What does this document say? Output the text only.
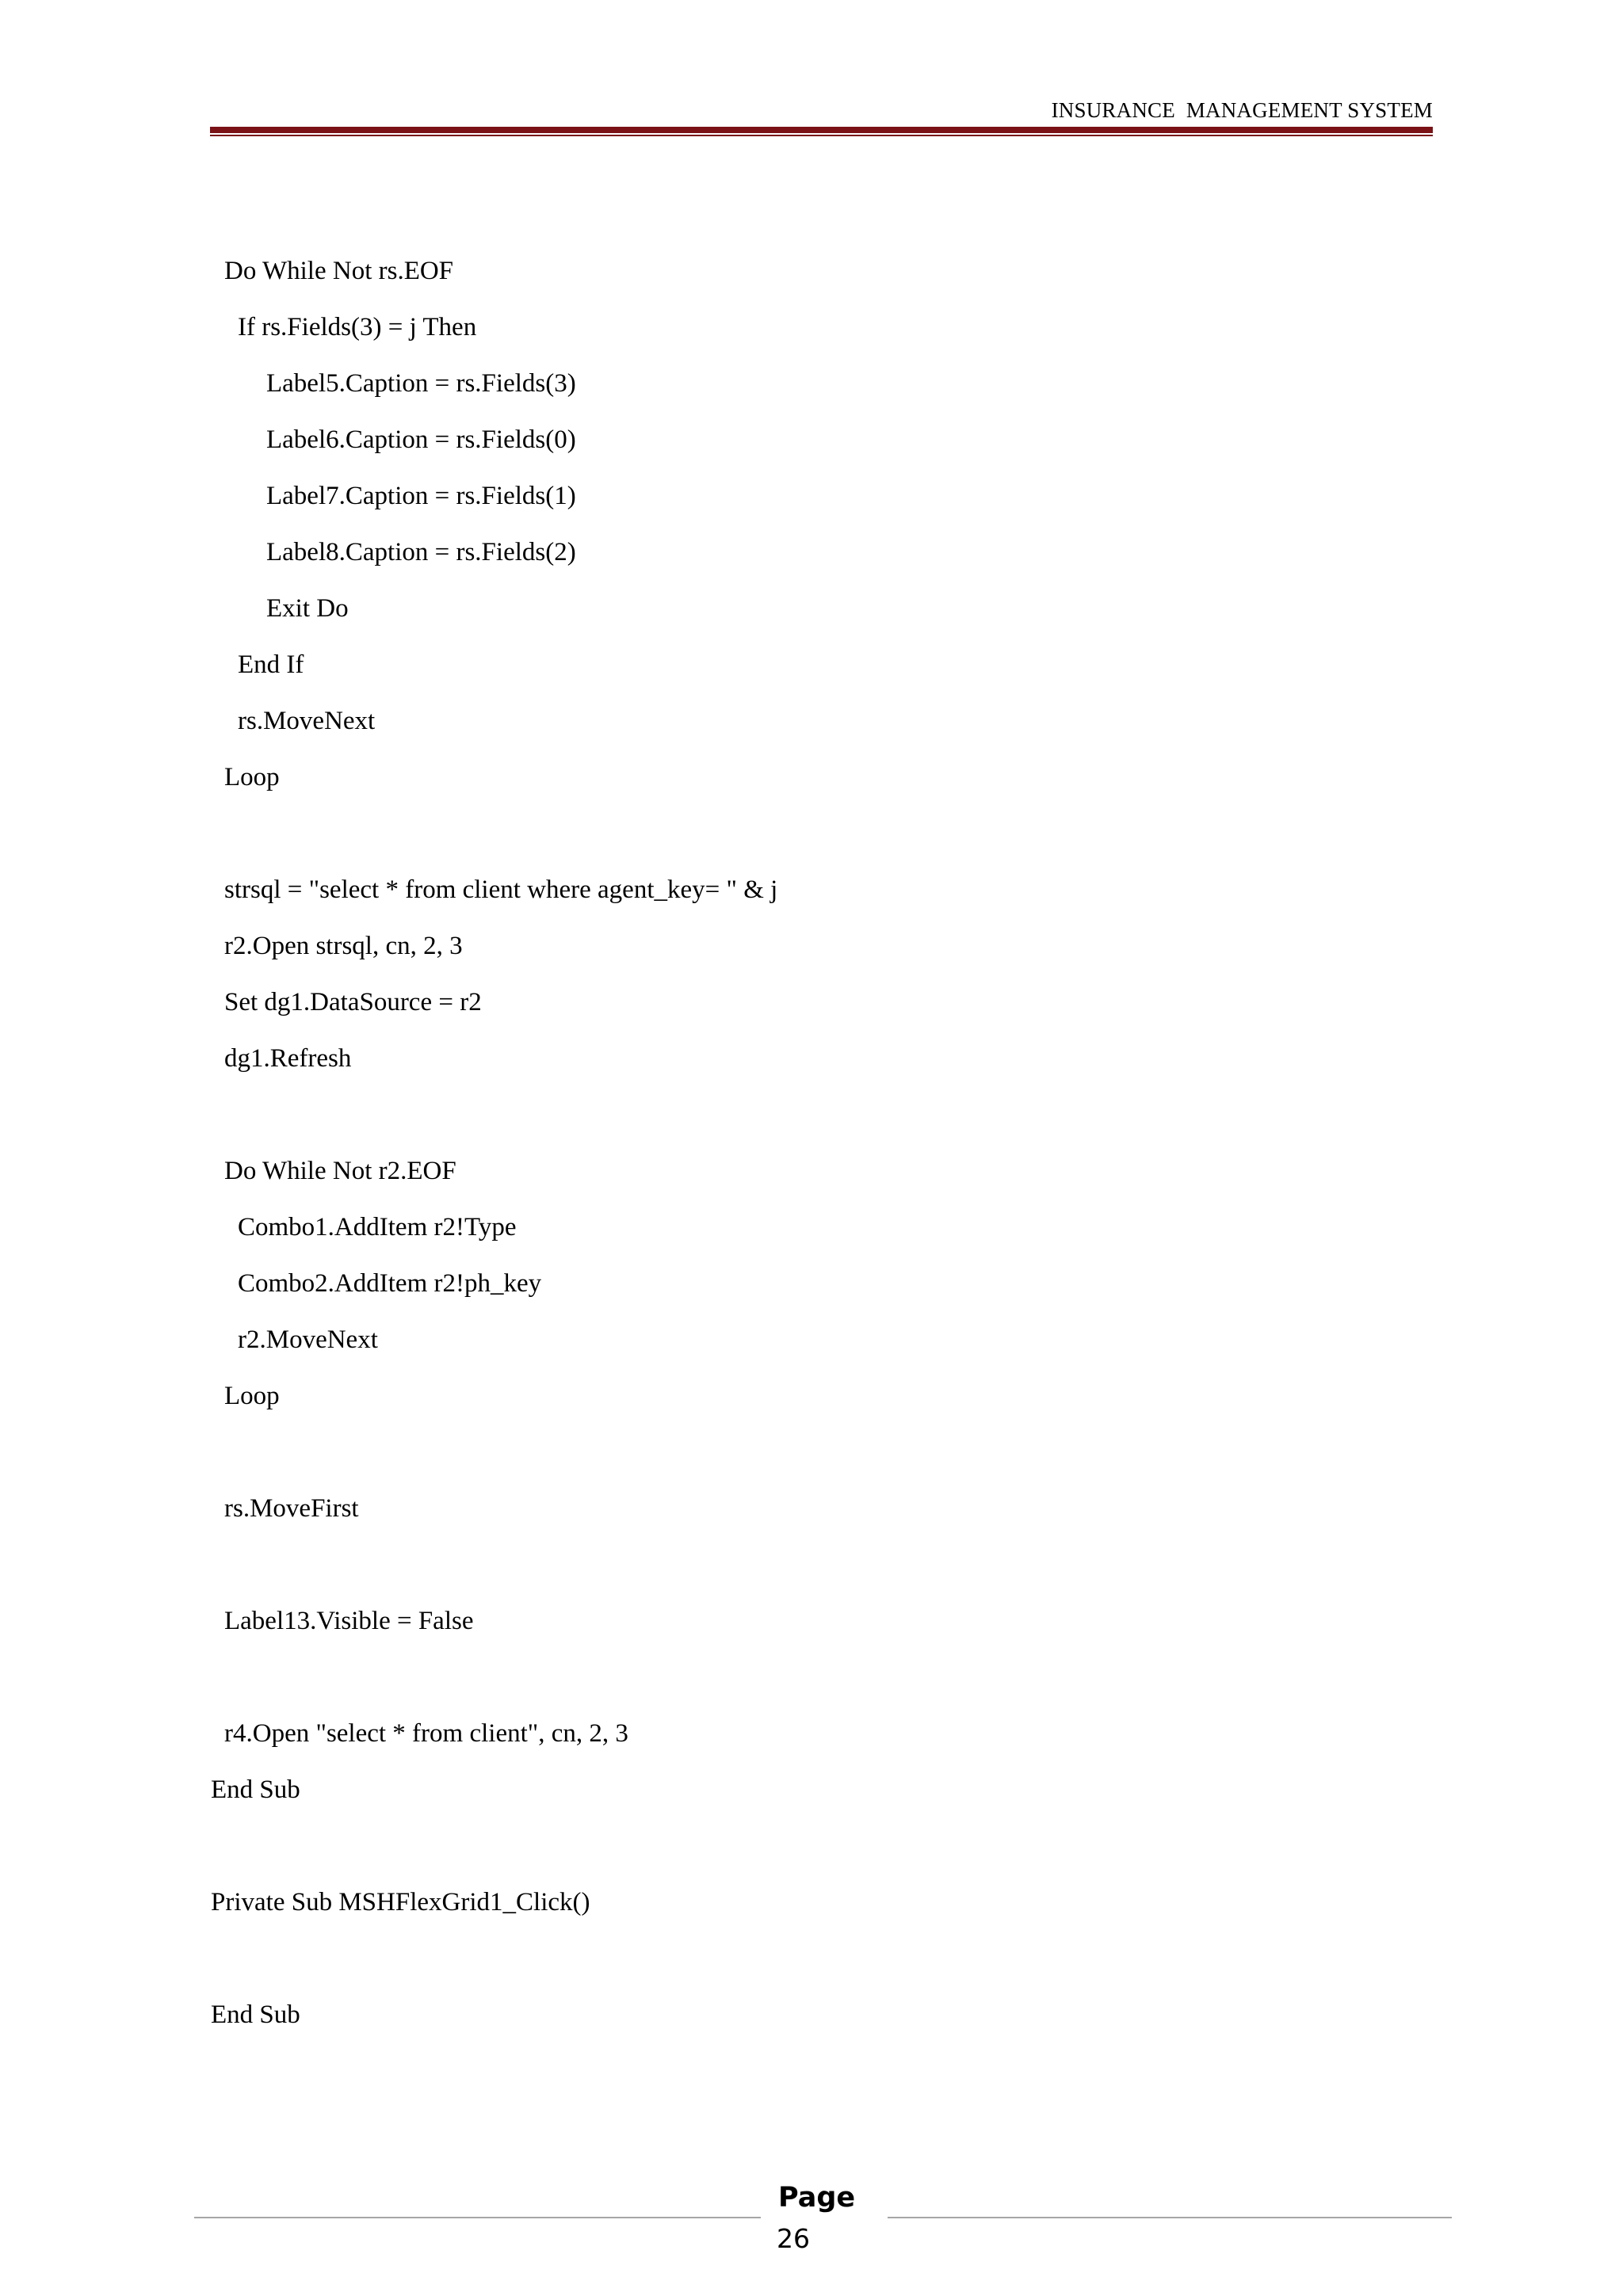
INSURANCE  MANAGEMENT SYSTEM
Do While Not rs.EOF
If rs.Fields(3) = j Then
Label5.Caption = rs.Fields(3)
Label6.Caption = rs.Fields(0)
Label7.Caption = rs.Fields(1)
Label8.Caption = rs.Fields(2)
Exit Do
End If
rs.MoveNext
Loop
strsql = "select * from client where agent_key= " & j
r2.Open strsql, cn, 2, 3
Set dg1.DataSource = r2
dg1.Refresh
Do While Not r2.EOF
Combo1.AddItem r2!Type
Combo2.AddItem r2!ph_key
r2.MoveNext
Loop
rs.MoveFirst
Label13.Visible = False
r4.Open "select * from client", cn, 2, 3
End Sub
Private Sub MSHFlexGrid1_Click()
End Sub
Page
26
